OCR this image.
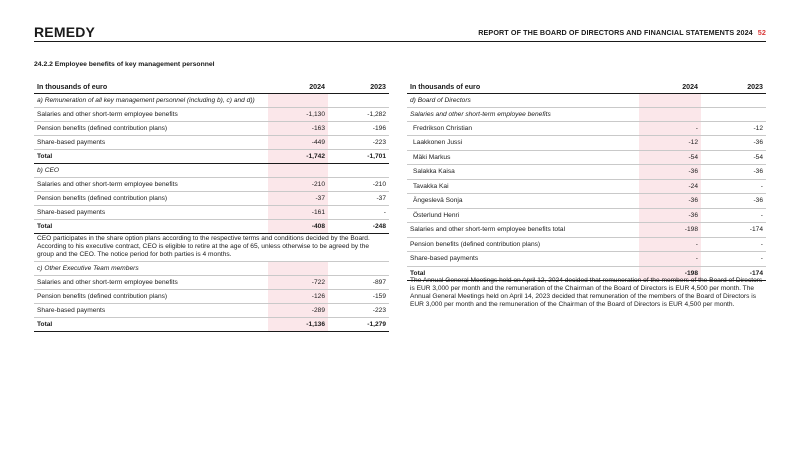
REMEDY	REPORT OF THE BOARD OF DIRECTORS AND FINANCIAL STATEMENTS 2024 52
24.2.2 Employee benefits of key management personnel
In thousands of euro	2024	2023
a) Remuneration of all key management personnel (including b), c) and d))		
Salaries and other short-term employee benefits	-1,130	-1,282
Pension benefits (defined contribution plans)	-163	-196
Share-based payments	-449	-223
Total	-1,742	-1,701
b) CEO		
Salaries and other short-term employee benefits	-210	-210
Pension benefits (defined contribution plans)	-37	-37
Share-based payments	-161	-
Total	-408	-248
CEO participates in the share option plans according to the respective terms and conditions decided by the Board. According to his executive contract, CEO is eligible to retire at the age of 65, unless otherwise to be agreed by the group and the CEO. The notice period for both parties is 4 months.		
c) Other Executive Team members		
Salaries and other short-term employee benefits	-722	-897
Pension benefits (defined contribution plans)	-126	-159
Share-based payments	-289	-223
Total	-1,136	-1,279
In thousands of euro	2024	2023
d) Board of Directors		
Salaries and other short-term employee benefits		
Fredrikson Christian	-	-12
Laakkonen Jussi	-12	-36
Mäki Markus	-54	-54
Salakka Kaisa	-36	-36
Tavakka Kai	-24	-
Ängeslevä Sonja	-36	-36
Österlund Henri	-36	-
Salaries and other short-term employee benefits total	-198	-174
Pension benefits (defined contribution plans)	-	-
Share-based payments	-	-
Total	-198	-174
The Annual General Meetings held on April 12, 2024 decided that remuneration of the members of the Board of Directors is EUR 3,000 per month and the remuneration of the Chairman of the Board of Directors is EUR 4,500 per month. The Annual General Meetings held on April 14, 2023 decided that remuneration of the members of the Board of Directors is EUR 3,000 per month and the remuneration of the Chairman of the Board of Directors is EUR 4,500 per month.
